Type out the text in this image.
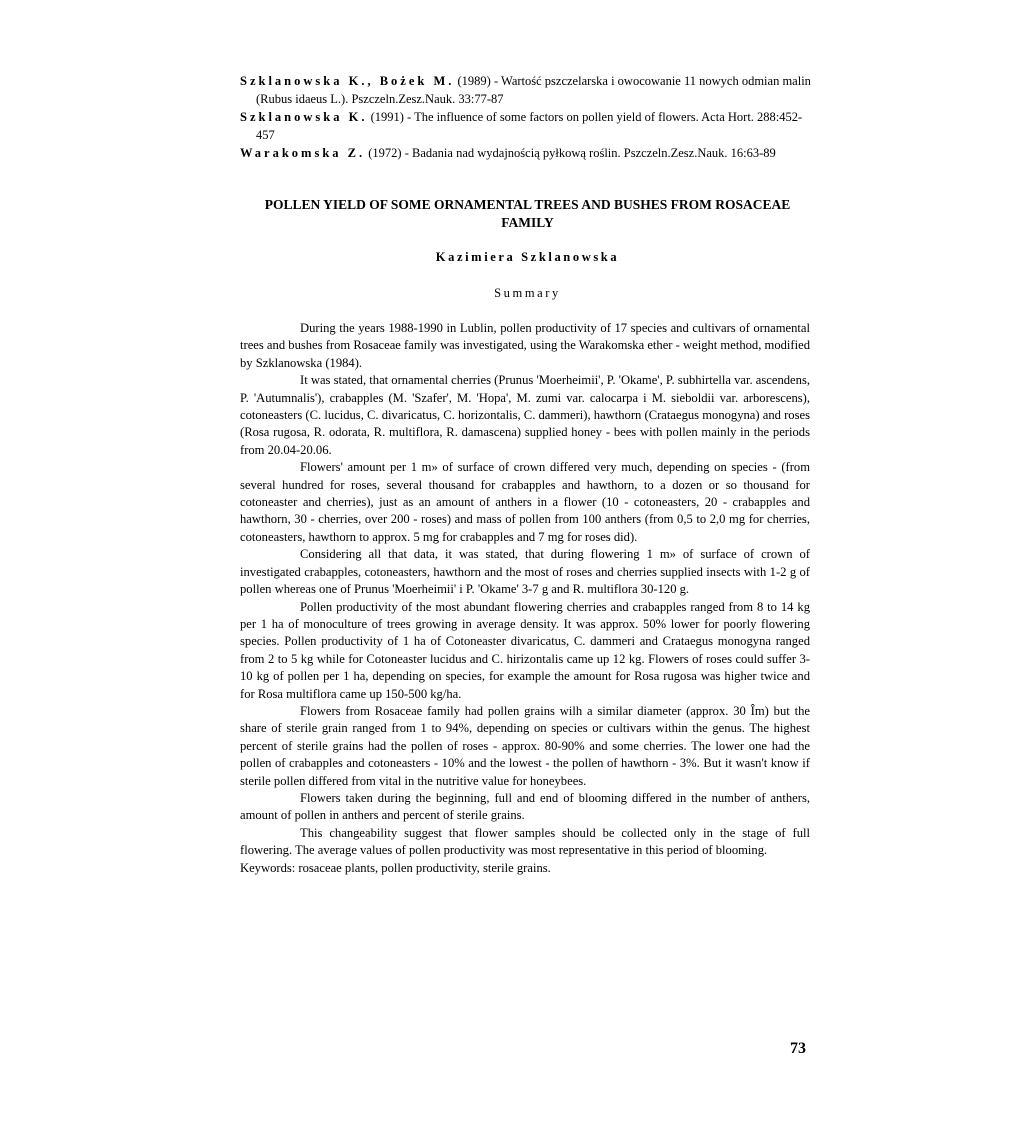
Szklanowska K., Bożek M. (1989) - Wartość pszczelarska i owocowanie 11 nowych odmian malin (Rubus idaeus L.). Pszczeln.Zesz.Nauk. 33:77-87

Szklanowska K. (1991) - The influence of some factors on pollen yield of flowers. Acta Hort. 288:452-457

Warakomska Z. (1972) - Badania nad wydajnością pyłkową roślin. Pszczeln.Zesz.Nauk. 16:63-89

POLLEN YIELD OF SOME ORNAMENTAL TREES AND BUSHES FROM ROSACEAE FAMILY
Kazimiera Szklanowska
Summary

During the years 1988-1990 in Lublin, pollen productivity of 17 species and cultivars of ornamental trees and bushes from Rosaceae family was investigated, using the Warakomska ether - weight method, modified by Szklanowska (1984).

It was stated, that ornamental cherries (Prunus 'Moerheimii', P. 'Okame', P. subhirtella var. ascendens, P. 'Autumnalis'), crabapples (M. 'Szafer', M. 'Hopa', M. zumi var. calocarpa i M. sieboldii var. arborescens), cotoneasters (C. lucidus, C. divaricatus, C. horizontalis, C. dammeri), hawthorn (Crataegus monogyna) and roses (Rosa rugosa, R. odorata, R. multiflora, R. damascena) supplied honey - bees with pollen mainly in the periods from 20.04-20.06.

Flowers' amount per 1 m» of surface of crown differed very much, depending on species - (from several hundred for roses, several thousand for crabapples and hawthorn, to a dozen or so thousand for cotoneaster and cherries), just as an amount of anthers in a flower (10 - cotoneasters, 20 - crabapples and hawthorn, 30 - cherries, over 200 - roses) and mass of pollen from 100 anthers (from 0,5 to 2,0 mg for cherries, cotoneasters, hawthorn to approx. 5 mg for crabapples and 7 mg for roses did).

Considering all that data, it was stated, that during flowering 1 m» of surface of crown of investigated crabapples, cotoneasters, hawthorn and the most of roses and cherries supplied insects with 1-2 g of pollen whereas one of Prunus 'Moerheimii' i P. 'Okame' 3-7 g and R. multiflora 30-120 g.

Pollen productivity of the most abundant flowering cherries and crabapples ranged from 8 to 14 kg per 1 ha of monoculture of trees growing in average density. It was approx. 50% lower for poorly flowering species. Pollen productivity of 1 ha of Cotoneaster divaricatus, C. dammeri and Crataegus monogyna ranged from 2 to 5 kg while for Cotoneaster lucidus and C. hirizontalis came up 12 kg. Flowers of roses could suffer 3-10 kg of pollen per 1 ha, depending on species, for example the amount for Rosa rugosa was higher twice and for Rosa multiflora came up 150-500 kg/ha.

Flowers from Rosaceae family had pollen grains wilh a similar diameter (approx. 30 Îm) but the share of sterile grain ranged from 1 to 94%, depending on species or cultivars within the genus. The highest percent of sterile grains had the pollen of roses - approx. 80-90% and some cherries. The lower one had the pollen of crabapples and cotoneasters - 10% and the lowest - the pollen of hawthorn - 3%. But it wasn't know if sterile pollen differed from vital in the nutritive value for honeybees.

Flowers taken during the beginning, full and end of blooming differed in the number of anthers, amount of pollen in anthers and percent of sterile grains.

This changeability suggest that flower samples should be collected only in the stage of full flowering. The average values of pollen productivity was most representative in this period of blooming.

Keywords: rosaceae plants, pollen productivity, sterile grains.

73
